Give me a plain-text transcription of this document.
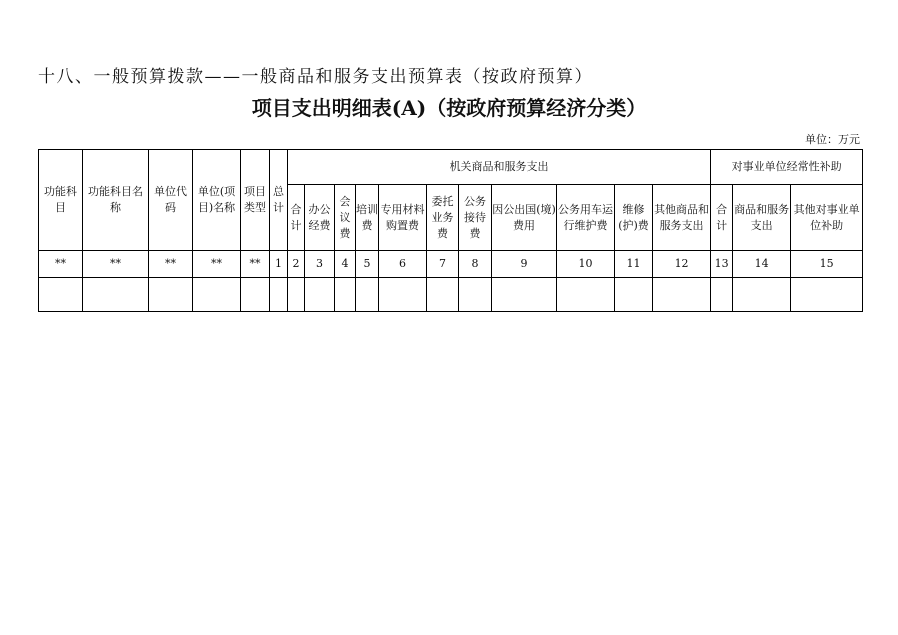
十八、一般预算拨款——一般商品和服务支出预算表（按政府预算）
项目支出明细表(A)（按政府预算经济分类）
单位：万元
功能科目	功能科目名称	单位代码	单位(项目)名称	项目类型	总计	机关商品和服务支出											对事业单位经常性补助		
						合计	办公经费	会议费	培训费	专用材料购置费	委托业务费	公务接待费	因公出国(境)费用	公务用车运行维护费	维修(护)费	其他商品和服务支出	合计	商品和服务支出	其他对事业单位补助
**	**	**	**	**	1	2	3	4	5	6	7	8	9	10	11	12	13	14	15
